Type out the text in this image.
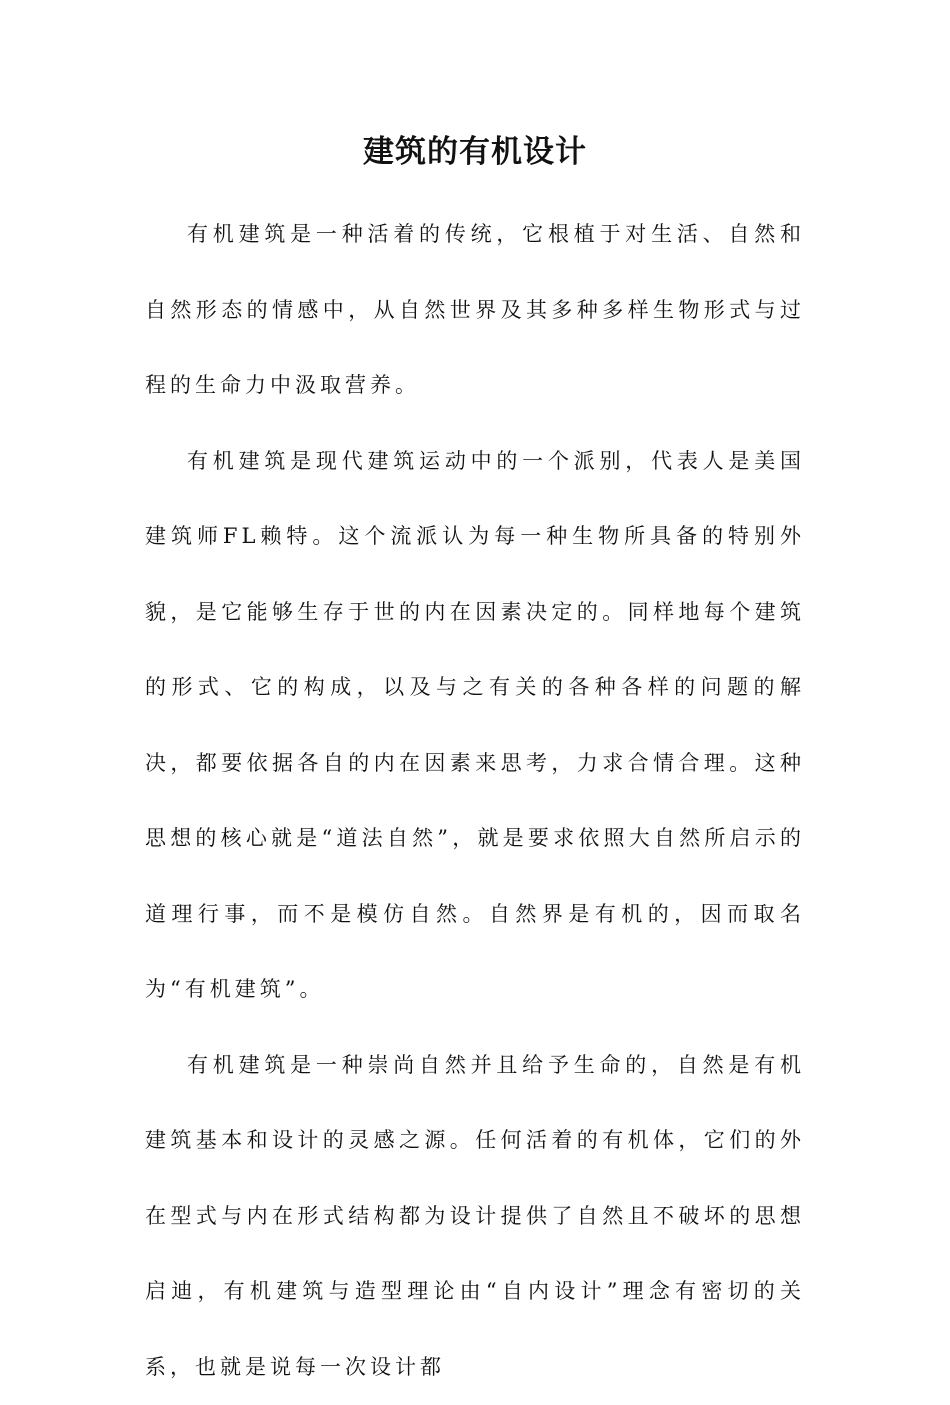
建筑的有机设计

有机建筑是一种活着的传统，它根植于对生活、自然和自然形态的情感中，从自然世界及其多种多样生物形式与过程的生命力中汲取营养。

有机建筑是现代建筑运动中的一个派别，代表人是美国建筑师FL赖特。这个流派认为每一种生物所具备的特别外貌，是它能够生存于世的内在因素决定的。同样地每个建筑的形式、它的构成，以及与之有关的各种各样的问题的解决，都要依据各自的内在因素来思考，力求合情合理。这种思想的核心就是“道法自然”，就是要求依照大自然所启示的道理行事，而不是模仿自然。自然界是有机的，因而取名为“有机建筑”。

有机建筑是一种崇尚自然并且给予生命的，自然是有机建筑基本和设计的灵感之源。任何活着的有机体，它们的外在型式与内在形式结构都为设计提供了自然且不破坏的思想启迪，有机建筑与造型理论由“自内设计”理念有密切的关系，也就是说每一次设计都
